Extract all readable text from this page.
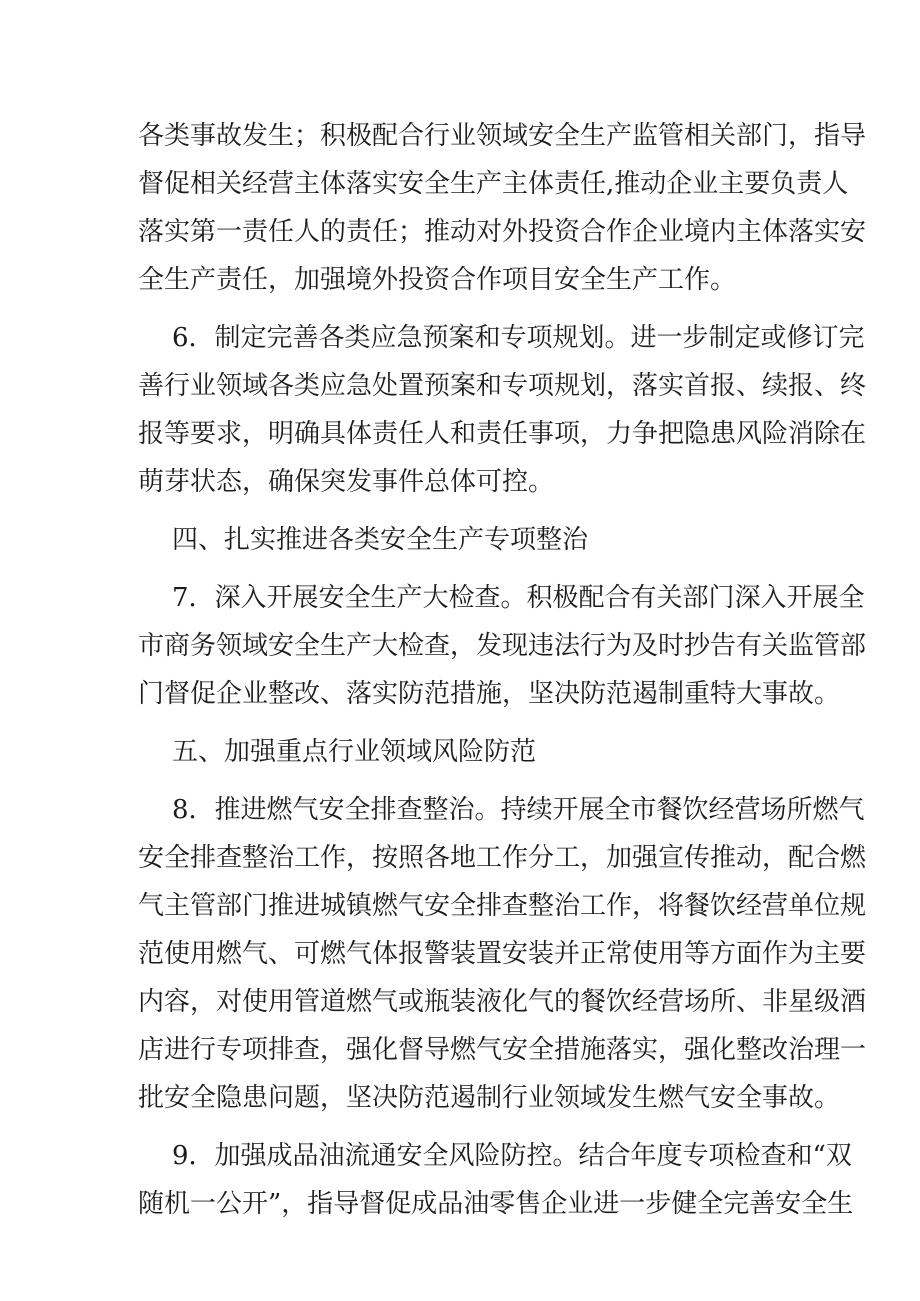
各类事故发生；积极配合行业领域安全生产监管相关部门，指导
督促相关经营主体落实安全生产主体责任,推动企业主要负责人
落实第一责任人的责任；推动对外投资合作企业境内主体落实安
全生产责任，加强境外投资合作项目安全生产工作。
6．制定完善各类应急预案和专项规划。进一步制定或修订完
善行业领域各类应急处置预案和专项规划，落实首报、续报、终
报等要求，明确具体责任人和责任事项，力争把隐患风险消除在
萌芽状态，确保突发事件总体可控。
四、扎实推进各类安全生产专项整治
7．深入开展安全生产大检查。积极配合有关部门深入开展全
市商务领域安全生产大检查，发现违法行为及时抄告有关监管部
门督促企业整改、落实防范措施，坚决防范遏制重特大事故。
五、加强重点行业领域风险防范
8．推进燃气安全排查整治。持续开展全市餐饮经营场所燃气
安全排查整治工作，按照各地工作分工，加强宣传推动，配合燃
气主管部门推进城镇燃气安全排查整治工作，将餐饮经营单位规
范使用燃气、可燃气体报警装置安装并正常使用等方面作为主要
内容，对使用管道燃气或瓶装液化气的餐饮经营场所、非星级酒
店进行专项排查，强化督导燃气安全措施落实，强化整改治理一
批安全隐患问题，坚决防范遏制行业领域发生燃气安全事故。
9．加强成品油流通安全风险防控。结合年度专项检查和“双
随机一公开”，指导督促成品油零售企业进一步健全完善安全生
